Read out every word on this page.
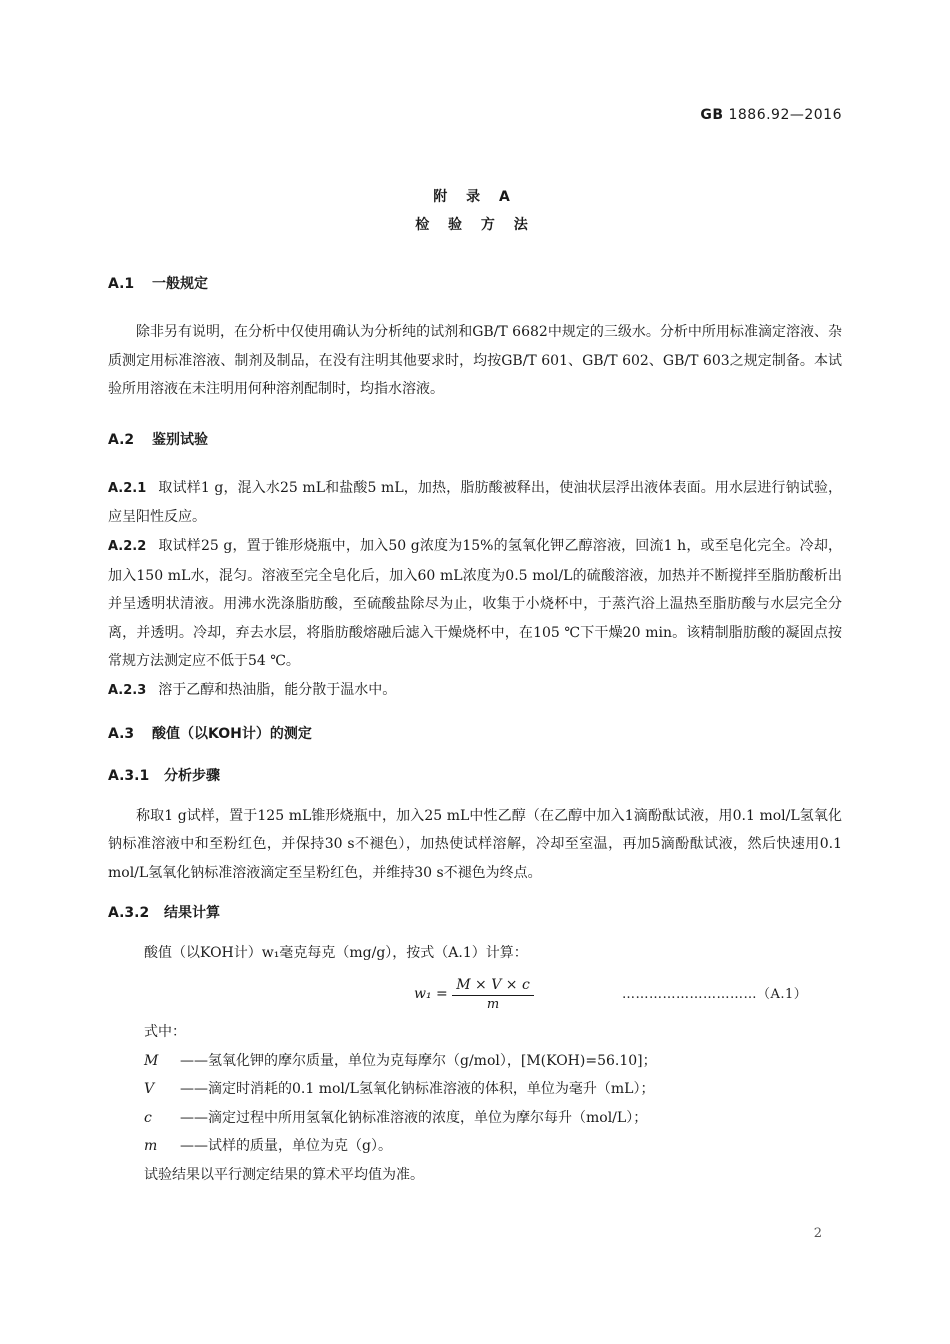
GB 1886.92—2016
附 录 A
检 验 方 法
A.1 一般规定

除非另有说明，在分析中仅使用确认为分析纯的试剂和GB/T 6682中规定的三级水。分析中所用标准滴定溶液、杂质测定用标准溶液、制剂及制品，在没有注明其他要求时，均按GB/T 601、GB/T 602、GB/T 603之规定制备。本试验所用溶液在未注明用何种溶剂配制时，均指水溶液。

A.2 鉴别试验

A.2.1 取试样1 g，混入水25 mL和盐酸5 mL，加热，脂肪酸被释出，使油状层浮出液体表面。用水层进行钠试验，应呈阳性反应。

A.2.2 取试样25 g，置于锥形烧瓶中，加入50 g浓度为15%的氢氧化钾乙醇溶液，回流1 h，或至皂化完全。冷却，加入150 mL水，混匀。溶液至完全皂化后，加入60 mL浓度为0.5 mol/L的硫酸溶液，加热并不断搅拌至脂肪酸析出并呈透明状清液。用沸水洗涤脂肪酸，至硫酸盐除尽为止，收集于小烧杯中，于蒸汽浴上温热至脂肪酸与水层完全分离，并透明。冷却，弃去水层，将脂肪酸熔融后滤入干燥烧杯中，在105 ℃下干燥20 min。该精制脂肪酸的凝固点按常规方法测定应不低于54 ℃。

A.2.3 溶于乙醇和热油脂，能分散于温水中。

A.3 酸值（以KOH计）的测定
A.3.1 分析步骤

称取1 g试样，置于125 mL锥形烧瓶中，加入25 mL中性乙醇（在乙醇中加入1滴酚酞试液，用0.1 mol/L氢氧化钠标准溶液中和至粉红色，并保持30 s不褪色），加热使试样溶解，冷却至室温，再加5滴酚酞试液，然后快速用0.1 mol/L氢氧化钠标准溶液滴定至呈粉红色，并维持30 s不褪色为终点。

A.3.2 结果计算

酸值（以KOH计）w₁毫克每克（mg/g），按式（A.1）计算：

$w_1 = \frac{M \times V \times c}{m}$	…………………………（A.1）

式中：

M ——氢氧化钾的摩尔质量，单位为克每摩尔（g/mol），[M(KOH)=56.10]；

V ——滴定时消耗的0.1 mol/L氢氧化钠标准溶液的体积，单位为毫升（mL）；

c ——滴定过程中所用氢氧化钠标准溶液的浓度，单位为摩尔每升（mol/L）；

m ——试样的质量，单位为克（g）。

试验结果以平行测定结果的算术平均值为准。

2
